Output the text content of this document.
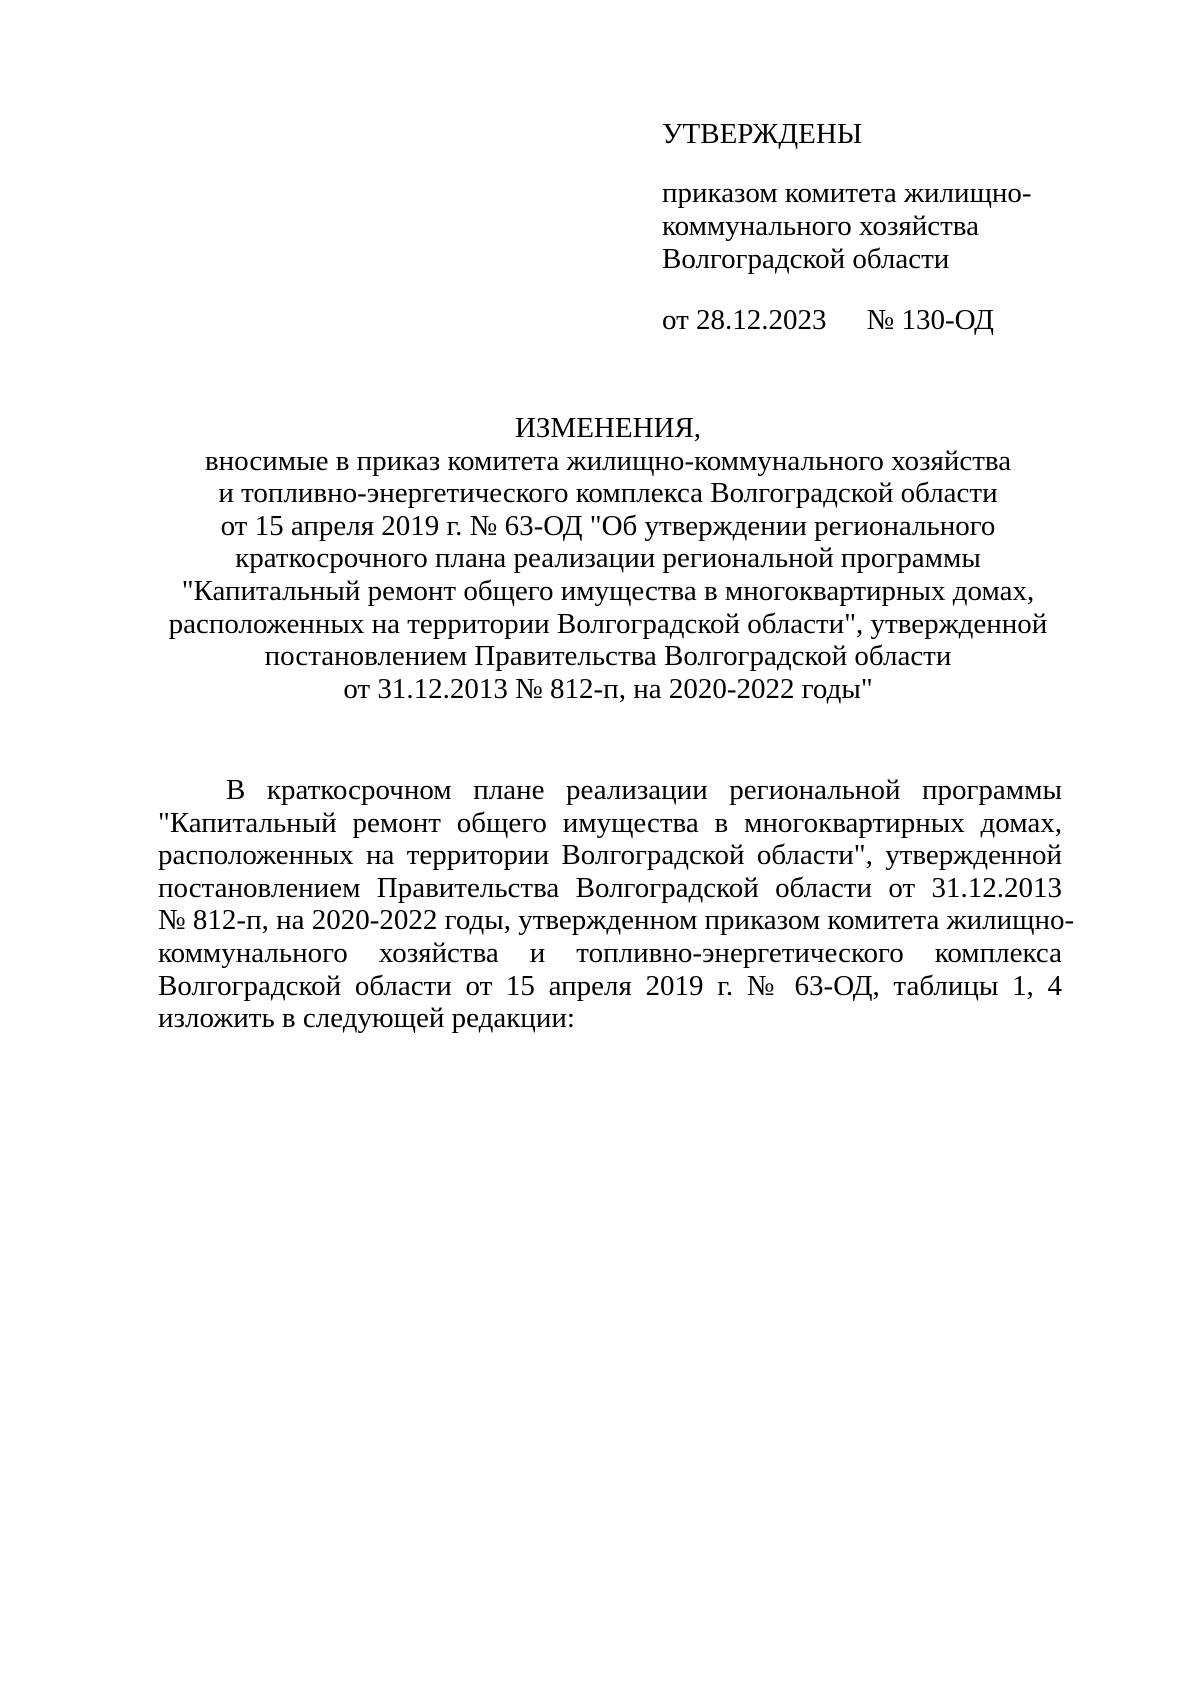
УТВЕРЖДЕНЫ
приказом комитета жилищно-
коммунального хозяйства
Волгоградской области
от 28.12.2023 № 130-ОД
ИЗМЕНЕНИЯ,
вносимые в приказ комитета жилищно-коммунального хозяйства
и топливно-энергетического комплекса Волгоградской области
от 15 апреля 2019 г. № 63-ОД "Об утверждении регионального
краткосрочного плана реализации региональной программы
"Капитальный ремонт общего имущества в многоквартирных домах,
расположенных на территории Волгоградской области", утвержденной
постановлением Правительства Волгоградской области
от 31.12.2013 № 812-п, на 2020-2022 годы"
В краткосрочном плане реализации региональной программы
"Капитальный ремонт общего имущества в многоквартирных домах,
расположенных на территории Волгоградской области", утвержденной
постановлением Правительства Волгоградской области от 31.12.2013
№ 812-п, на 2020-2022 годы, утвержденном приказом комитета жилищно-
коммунального хозяйства и топливно-энергетического комплекса
Волгоградской области от 15 апреля 2019 г. № 63-ОД, таблицы 1, 4
изложить в следующей редакции:
